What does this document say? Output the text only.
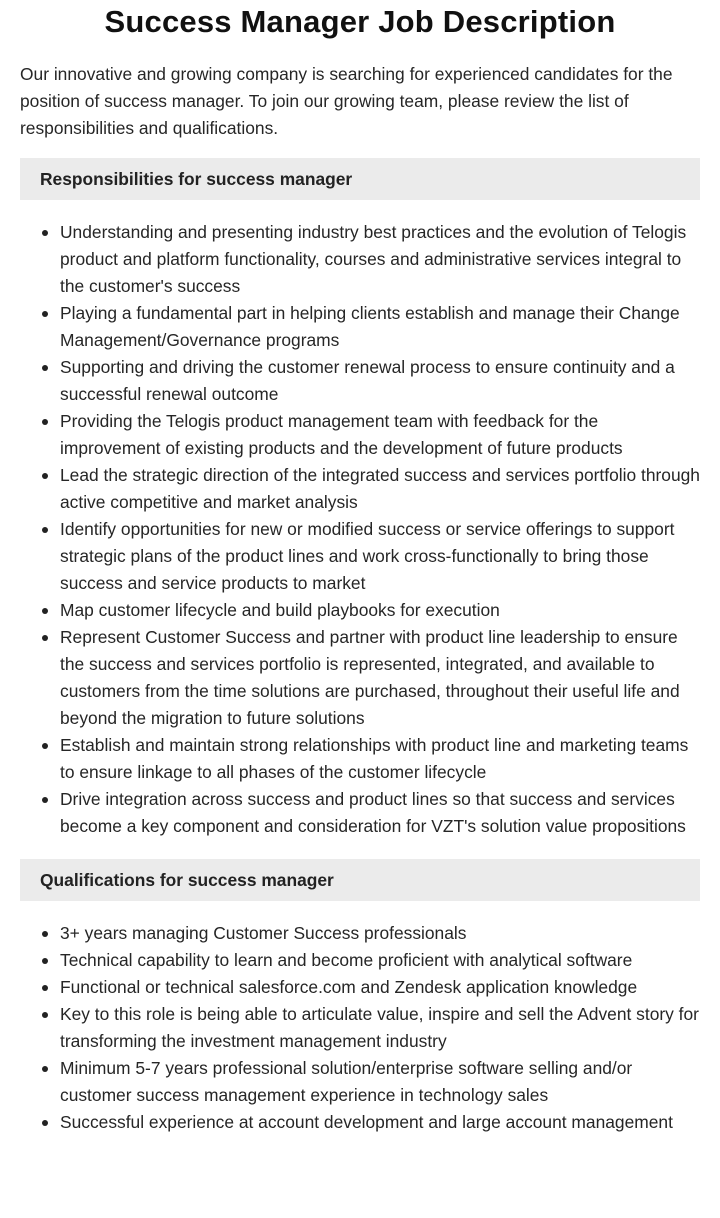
Success Manager Job Description

Our innovative and growing company is searching for experienced candidates for the position of success manager. To join our growing team, please review the list of responsibilities and qualifications.

Responsibilities for success manager
Understanding and presenting industry best practices and the evolution of Telogis product and platform functionality, courses and administrative services integral to the customer's success
Playing a fundamental part in helping clients establish and manage their Change Management/Governance programs
Supporting and driving the customer renewal process to ensure continuity and a successful renewal outcome
Providing the Telogis product management team with feedback for the improvement of existing products and the development of future products
Lead the strategic direction of the integrated success and services portfolio through active competitive and market analysis
Identify opportunities for new or modified success or service offerings to support strategic plans of the product lines and work cross-functionally to bring those success and service products to market
Map customer lifecycle and build playbooks for execution
Represent Customer Success and partner with product line leadership to ensure the success and services portfolio is represented, integrated, and available to customers from the time solutions are purchased, throughout their useful life and beyond the migration to future solutions
Establish and maintain strong relationships with product line and marketing teams to ensure linkage to all phases of the customer lifecycle
Drive integration across success and product lines so that success and services become a key component and consideration for VZT's solution value propositions
Qualifications for success manager
3+ years managing Customer Success professionals
Technical capability to learn and become proficient with analytical software
Functional or technical salesforce.com and Zendesk application knowledge
Key to this role is being able to articulate value, inspire and sell the Advent story for transforming the investment management industry
Minimum 5-7 years professional solution/enterprise software selling and/or customer success management experience in technology sales
Successful experience at account development and large account management
